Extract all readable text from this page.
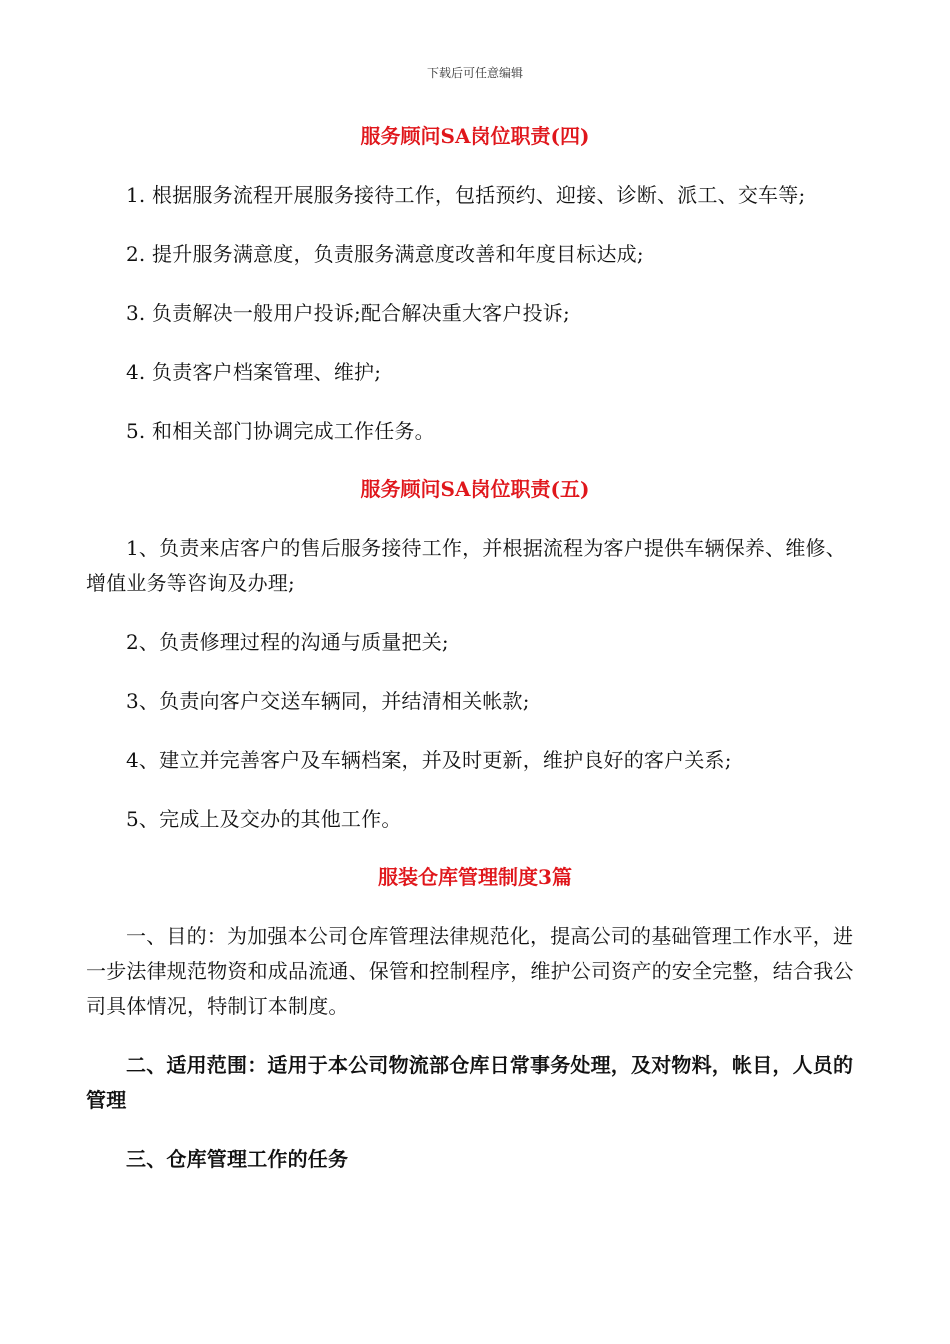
下载后可任意编辑
服务顾问SA岗位职责(四)

1. 根据服务流程开展服务接待工作，包括预约、迎接、诊断、派工、交车等;

2. 提升服务满意度，负责服务满意度改善和年度目标达成;

3. 负责解决一般用户投诉;配合解决重大客户投诉;

4. 负责客户档案管理、维护;

5. 和相关部门协调完成工作任务。

服务顾问SA岗位职责(五)

1、负责来店客户的售后服务接待工作，并根据流程为客户提供车辆保养、维修、增值业务等咨询及办理;

2、负责修理过程的沟通与质量把关;

3、负责向客户交送车辆同，并结清相关帐款;

4、建立并完善客户及车辆档案，并及时更新，维护良好的客户关系;

5、完成上及交办的其他工作。

服装仓库管理制度3篇

一、目的：为加强本公司仓库管理法律规范化，提高公司的基础管理工作水平，进一步法律规范物资和成品流通、保管和控制程序，维护公司资产的安全完整，结合我公司具体情况，特制订本制度。

二、适用范围：适用于本公司物流部仓库日常事务处理，及对物料，帐目，人员的管理

三、仓库管理工作的任务
